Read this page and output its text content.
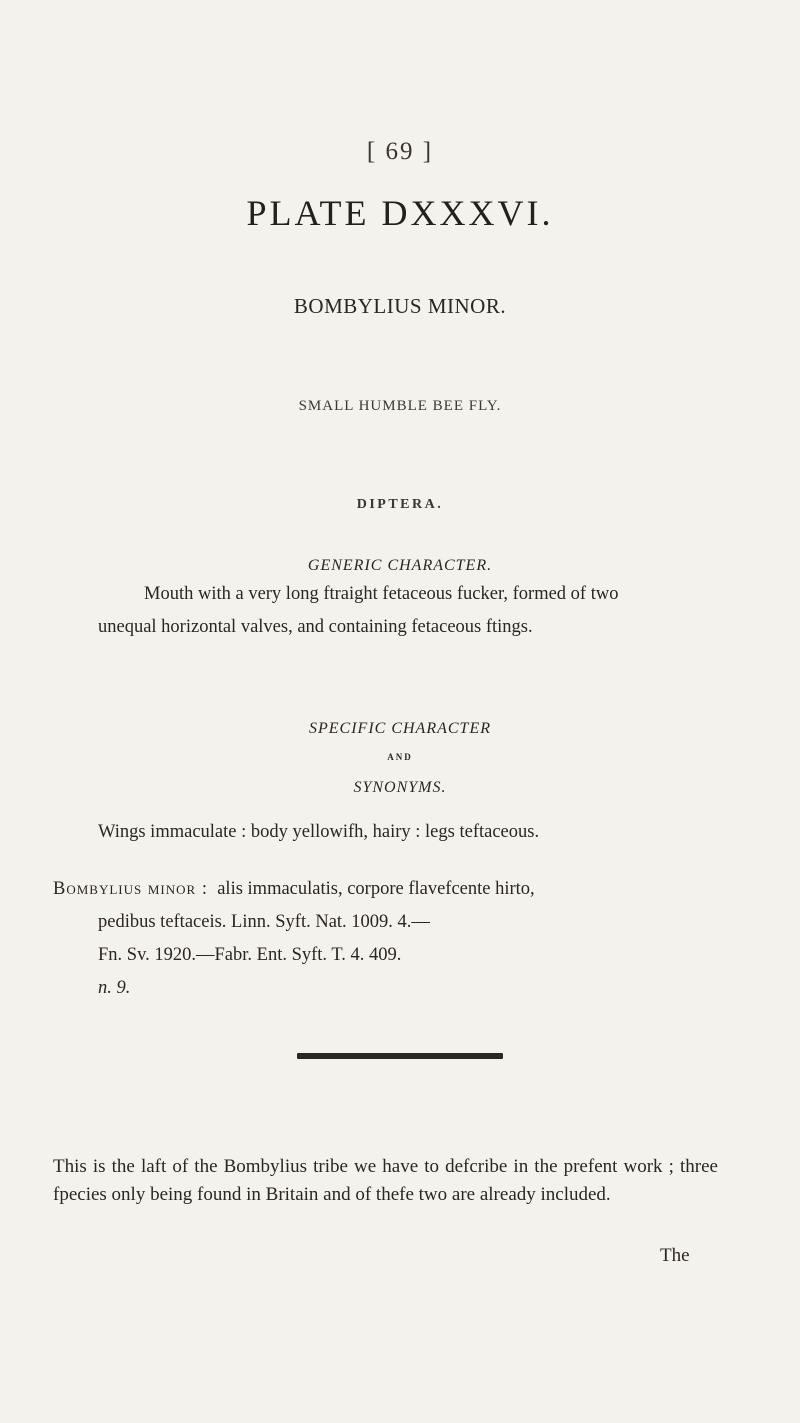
[ 69 ]
PLATE DXXXVI.
BOMBYLIUS MINOR.
SMALL HUMBLE BEE FLY.
DIPTERA.
GENERIC CHARACTER.
Mouth with a very long ftraight fetaceous fucker, formed of two
unequal horizontal valves, and containing fetaceous ftings.
SPECIFIC CHARACTER
AND
SYNONYMS.
Wings immaculate : body yellowifh, hairy : legs teftaceous.
Bombylius minor : alis immaculatis, corpore flavefcente hirto,
pedibus teftaceis. Linn. Syft. Nat. 1009. 4.—
Fn. Sv. 1920.—Fabr. Ent. Syft. T. 4. 409.
n. 9.
This is the laft of the Bombylius tribe we have to defcribe in the prefent work ; three fpecies only being found in Britain and of thefe two are already included.
The
